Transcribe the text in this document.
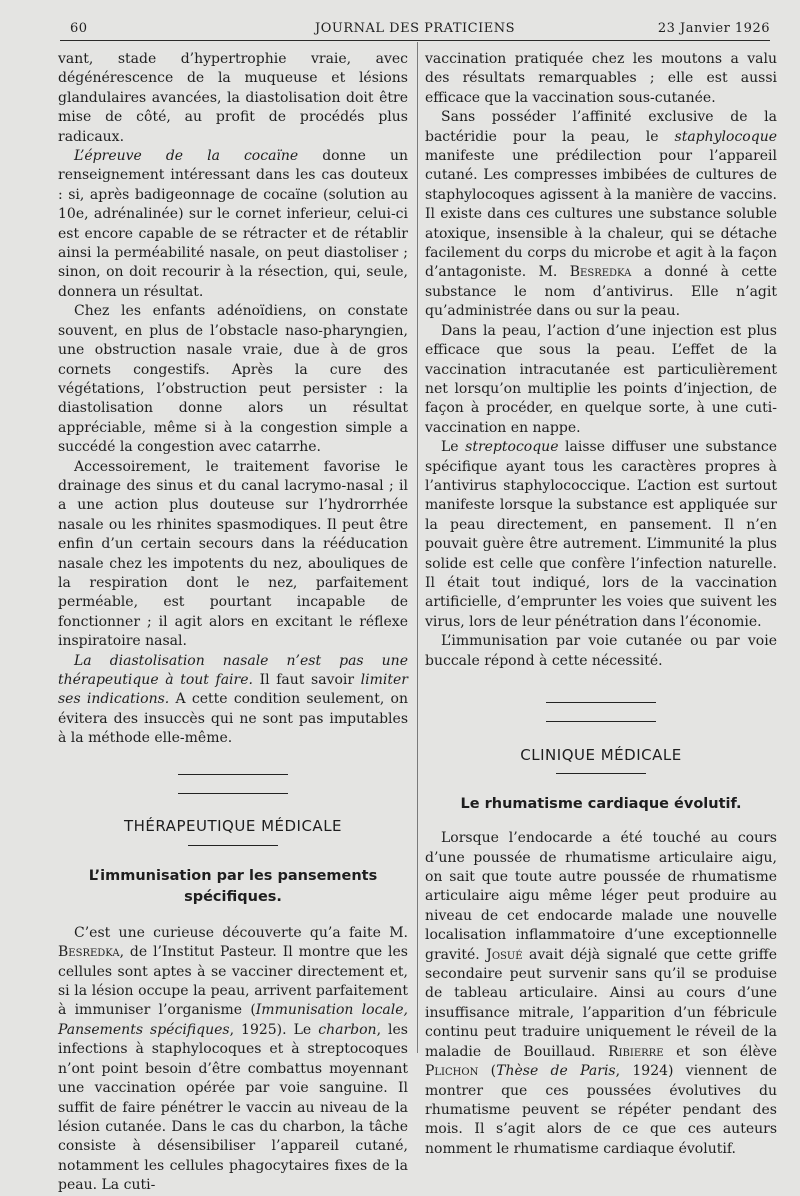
60	JOURNAL DES PRATICIENS	23 Janvier 1926

vant, stade d’hypertrophie vraie, avec dégénérescence de la muqueuse et lésions glandulaires avancées, la diastolisation doit être mise de côté, au profit de procédés plus radicaux.

L’épreuve de la cocaïne donne un renseignement intéressant dans les cas douteux : si, après badigeonnage de cocaïne (solution au 10e, adrénalinée) sur le cornet inferieur, celui-ci est encore capable de se rétracter et de rétablir ainsi la perméabilité nasale, on peut diastoliser ; sinon, on doit recourir à la résection, qui, seule, donnera un résultat.

Chez les enfants adénoïdiens, on constate souvent, en plus de l’obstacle naso-pharyngien, une obstruction nasale vraie, due à de gros cornets congestifs. Après la cure des végétations, l’obstruction peut persister : la diastolisation donne alors un résultat appréciable, même si à la congestion simple a succédé la congestion avec catarrhe.

Accessoirement, le traitement favorise le drainage des sinus et du canal lacrymo-nasal ; il a une action plus douteuse sur l’hydrorrhée nasale ou les rhinites spasmodiques. Il peut être enfin d’un certain secours dans la rééducation nasale chez les impotents du nez, abouliques de la respiration dont le nez, parfaitement perméable, est pourtant incapable de fonctionner ; il agit alors en excitant le réflexe inspiratoire nasal.

La diastolisation nasale n’est pas une thérapeutique à tout faire. Il faut savoir limiter ses indications. A cette condition seulement, on évitera des insuccès qui ne sont pas imputables à la méthode elle-même.

THÉRAPEUTIQUE MÉDICALE
L’immunisation par les pansements spécifiques.

C’est une curieuse découverte qu’a faite M. Besredka, de l’Institut Pasteur. Il montre que les cellules sont aptes à se vacciner directement et, si la lésion occupe la peau, arrivent parfaitement à immuniser l’organisme (Immunisation locale, Pansements spécifiques, 1925). Le charbon, les infections à staphylocoques et à streptocoques n’ont point besoin d’être combattus moyennant une vaccination opérée par voie sanguine. Il suffit de faire pénétrer le vaccin au niveau de la lésion cutanée. Dans le cas du charbon, la tâche consiste à désensibiliser l’appareil cutané, notamment les cellules phagocytaires fixes de la peau. La cuti-

vaccination pratiquée chez les moutons a valu des résultats remarquables ; elle est aussi efficace que la vaccination sous-cutanée.

Sans posséder l’affinité exclusive de la bactéridie pour la peau, le staphylocoque manifeste une prédilection pour l’appareil cutané. Les compresses imbibées de cultures de staphylocoques agissent à la manière de vaccins. Il existe dans ces cultures une substance soluble atoxique, insensible à la chaleur, qui se détache facilement du corps du microbe et agit à la façon d’antagoniste. M. Besredka a donné à cette substance le nom d’antivirus. Elle n’agit qu’administrée dans ou sur la peau.

Dans la peau, l’action d’une injection est plus efficace que sous la peau. L’effet de la vaccination intracutanée est particulièrement net lorsqu’on multiplie les points d’injection, de façon à procéder, en quelque sorte, à une cuti-vaccination en nappe.

Le streptocoque laisse diffuser une substance spécifique ayant tous les caractères propres à l’antivirus staphylococcique. L’action est surtout manifeste lorsque la substance est appliquée sur la peau directement, en pansement. Il n’en pouvait guère être autrement. L’immunité la plus solide est celle que confère l’infection naturelle. Il était tout indiqué, lors de la vaccination artificielle, d’emprunter les voies que suivent les virus, lors de leur pénétration dans l’économie.

L’immunisation par voie cutanée ou par voie buccale répond à cette nécessité.

CLINIQUE MÉDICALE
Le rhumatisme cardiaque évolutif.

Lorsque l’endocarde a été touché au cours d’une poussée de rhumatisme articulaire aigu, on sait que toute autre poussée de rhumatisme articulaire aigu même léger peut produire au niveau de cet endocarde malade une nouvelle localisation inflammatoire d’une exceptionnelle gravité. Josué avait déjà signalé que cette griffe secondaire peut survenir sans qu’il se produise de tableau articulaire. Ainsi au cours d’une insuffisance mitrale, l’apparition d’un fébricule continu peut traduire uniquement le réveil de la maladie de Bouillaud. Ribierre et son élève Plichon (Thèse de Paris, 1924) viennent de montrer que ces poussées évolutives du rhumatisme peuvent se répéter pendant des mois. Il s’agit alors de ce que ces auteurs nomment le rhumatisme cardiaque évolutif.
